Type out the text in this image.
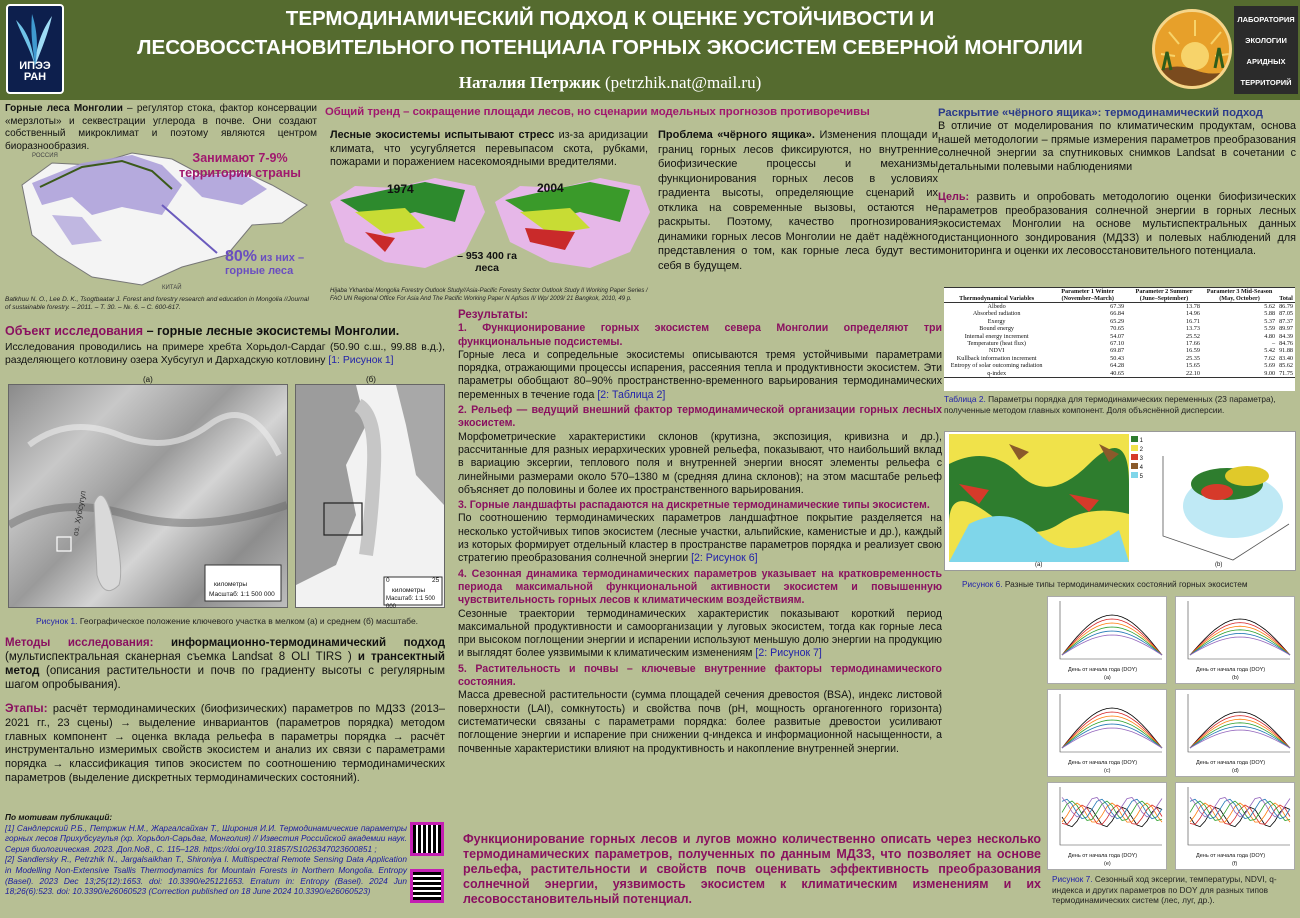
ИПЭЭ РАН
ТЕРМОДИНАМИЧЕСКИЙ ПОДХОД К ОЦЕНКЕ УСТОЙЧИВОСТИ И
ЛЕСОВОССТАНОВИТЕЛЬНОГО ПОТЕНЦИАЛА ГОРНЫХ ЭКОСИСТЕМ СЕВЕРНОЙ МОНГОЛИИ
Наталия Петржик (petrzhik.nat@mail.ru)
ЛАБОРАТОРИЯ
ЭКОЛОГИИ
АРИДНЫХ
ТЕРРИТОРИЙ
Горные леса Монголии – регулятор стока, фактор консервации «мерзлоты» и секвестрации углерода в почве. Они создают собственный микроклимат и поэтому являются центром биоразнообразия.
РОССИЯ
КИТАЙ
Занимают 7-9% территории страны
80% из них – горные леса
Batkhuu N. O., Lee D. K., Tsogtbaatar J. Forest and forestry research and education in Mongolia //Journal of sustainable forestry. – 2011. – Т. 30. – №. 6. – С. 600-617.
Объект исследования – горные лесные экосистемы Монголии.
Исследования проводились на примере хребта Хорьдол-Сардаг (50.90 с.ш., 99.88 в.д.), разделяющего котловину озера Хубсугул и Дархадскую котловину [1: Рисунок 1]
(а)	(б)
оз. Хубсугул
километры
Масштаб: 1:1 500 000
0	25
километры
Масштаб: 1:1 500 000
Рисунок 1. Географическое положение ключевого участка в мелком (а) и среднем (б) масштабе.
Методы исследования: информационно-термодинамический подход (мультиспектральная сканерная съемка Landsat 8 OLI TIRS ) и трансектный метод (описания растительности и почв по градиенту высоты с регулярным шагом опробывания).
Этапы: расчёт термодинамических (биофизических) параметров по МДЗЗ (2013–2021 гг., 23 сцены) → выделение инвариантов (параметров порядка) методом главных компонент → оценка вклада рельефа в параметры порядка → расчёт инструментально измеримых свойств экосистем и анализ их связи с параметрами порядка → классификация типов экосистем по соотношению термодинамических параметров (выделение дискретных термодинамических состояний).
По мотивам публикаций:
[1] Сандлерский Р.Б., Петржик Н.М., Жаргалсайхан Т., Широния И.И. Термодинамические параметры горных лесов Прихубсугулья (хр. Хорьдол-Сарьдаг, Монголия) // Известия Российской академии наук. Серия биологическая. 2023. Доп.No8., С. 115–128. https://doi.org/10.31857/S1026347023600851 ;
[2] Sandlersky R., Petrzhik N., Jargalsaikhan T., Shironiya I. Multispectral Remote Sensing Data Application in Modelling Non-Extensive Tsallis Thermodynamics for Mountain Forests in Northern Mongolia. Entropy (Basel). 2023 Dec 13;25(12):1653. doi: 10.3390/e25121653. Erratum in: Entropy (Basel). 2024 Jun 18;26(6):523. doi: 10.3390/e26060523 (Correction published on 18 June 2024 10.3390/e26060523)
Общий тренд – сокращение площади лесов, но сценарии модельных прогнозов противоречивы
Лесные экосистемы испытывают стресс из-за аридизации климата, что усугубляется перевыпасом скота, рубками, пожарами и поражением насекомоядными вредителями.
1974	2004
– 953 400 га леса
Hijaba Ykhanbai Mongolia Forestry Outlook Study//Asia-Pacific Forestry Sector Outlook Study II Working Paper Series / FAO UN Regional Office For Asia And The Pacific Working Paper N Apfsos II/ Wp/ 2009/ 21 Bangkok, 2010, 49 p.
Проблема «чёрного ящика». Изменения площади и границ горных лесов фиксируются, но внутренние биофизические процессы и механизмы функционирования горных лесов в условиях градиента высоты, определяющие сценарий их отклика на современные вызовы, остаются не раскрыты. Поэтому, качество прогнозирования динамики горных лесов Монголии не даёт надёжного представления о том, как горные леса будут вести себя в будущем.
Результаты:
1. Функционирование горных экосистем севера Монголии определяют три функциональные подсистемы.
Горные леса и сопредельные экосистемы описываются тремя устойчивыми параметрами порядка, отражающими процессы испарения, рассеяния тепла и продуктивности экосистем. Эти параметры обобщают 80–90% пространственно-временного варьирования термодинамических переменных в течение года [2: Таблица 2]
2. Рельеф — ведущий внешний фактор термодинамической организации горных лесных экосистем.
Морфометрические характеристики склонов (крутизна, экспозиция, кривизна и др.), рассчитанные для разных иерархических уровней рельефа, показывают, что наибольший вклад в вариацию эксергии, теплового поля и внутренней энергии вносят элементы рельефа с линейными размерами около 570–1380 м (средняя длина склонов); на этом масштабе рельеф объясняет до половины и более их пространственного варьирования.
3. Горные ландшафты распадаются на дискретные термодинамические типы экосистем.
По соотношению термодинамических параметров ландшафтное покрытие разделяется на несколько устойчивых типов экосистем (лесные участки, альпийские, каменистые и др.), каждый из которых формирует отдельный кластер в пространстве параметров порядка и реализует свою стратегию преобразования солнечной энергии [2: Рисунок 6]
4. Сезонная динамика термодинамических параметров указывает на кратковременность периода максимальной функциональной активности экосистем и повышенную чувствительность горных лесов к климатическим воздействиям.
Сезонные траектории термодинамических характеристик показывают короткий период максимальной продуктивности и самоорганизации у луговых экосистем, тогда как горные леса при высоком поглощении энергии и испарении используют меньшую долю энергии на продукцию и выглядят более уязвимыми к климатическим изменениям [2: Рисунок 7]
5. Растительность и почвы – ключевые внутренние факторы термодинамического состояния.
Масса древесной растительности (сумма площадей сечения древостоя (BSA), индекс листовой поверхности (LAI), сомкнутость) и свойства почв (pH, мощность органогенного горизонта) систематически связаны с параметрами порядка: более развитые древостои усиливают поглощение энергии и испарение при снижении q-индекса и информационной насыщенности, а почвенные характеристики влияют на продуктивность и накопление внутренней энергии.
Функционирование горных лесов и лугов можно количественно описать через несколько термодинамических параметров, полученных по данным МДЗЗ, что позволяет на основе рельефа, растительности и свойств почв оценивать эффективность преобразования солнечной энергии, уязвимость экосистем к климатическим изменениям и их лесовосстановительный потенциал.
Раскрытие «чёрного ящика»: термодинамический подход
В отличие от моделирования по климатическим продуктам, основа нашей методологии – прямые измерения параметров преобразования солнечной энергии за спутниковых снимков Landsat в сочетании с детальными полевыми наблюдениями
Цель: развить и опробовать методологию оценки биофизических параметров преобразования солнечной энергии в горных лесных экосистемах Монголии на основе мультиспектральных данных дистанционного зондирования (МДЗЗ) и полевых наблюдений для мониторинга и оценки их лесовосстановительного потенциала.
Thermodynamical Variables	Parameter 1 Winter (November–March)	Parameter 2 Summer (June–September)	Parameter 3 Mid-Season (May, October)	Total
Albedo	67.39	13.78	5.62	86.79
Absorbed radiation	66.84	14.96	5.88	87.05
Exergy	65.29	16.71	5.37	87.37
Bound energy	70.65	13.73	5.59	89.97
Internal energy increment	54.07	25.52	4.80	84.39
Temperature (heat flux)	67.10	17.66	–	84.76
NDVI	69.87	16.59	5.42	91.88
Kullback information increment	50.43	25.35	7.62	83.40
Entropy of solar outcoming radiation	64.28	15.65	5.69	85.62
q-index	40.65	22.10	9.00	71.75
Таблица 2. Параметры порядка для термодинамических переменных (23 параметра), полученные методом главных компонент. Доля объяснённой дисперсии.
1
2
3
4
5
(a)	(b)
Рисунок 6. Разные типы термодинамических состояний горных экосистем
День от начала года (DOY)
(a)
День от начала года (DOY)
(b)
День от начала года (DOY)
(c)
День от начала года (DOY)
(d)
День от начала года (DOY)
(e)
День от начала года (DOY)
(f)
Рисунок 7. Сезонный ход эксергии, температуры, NDVI, q-индекса и других параметров по DOY для разных типов термодинамических систем (лес, луг, др.).
